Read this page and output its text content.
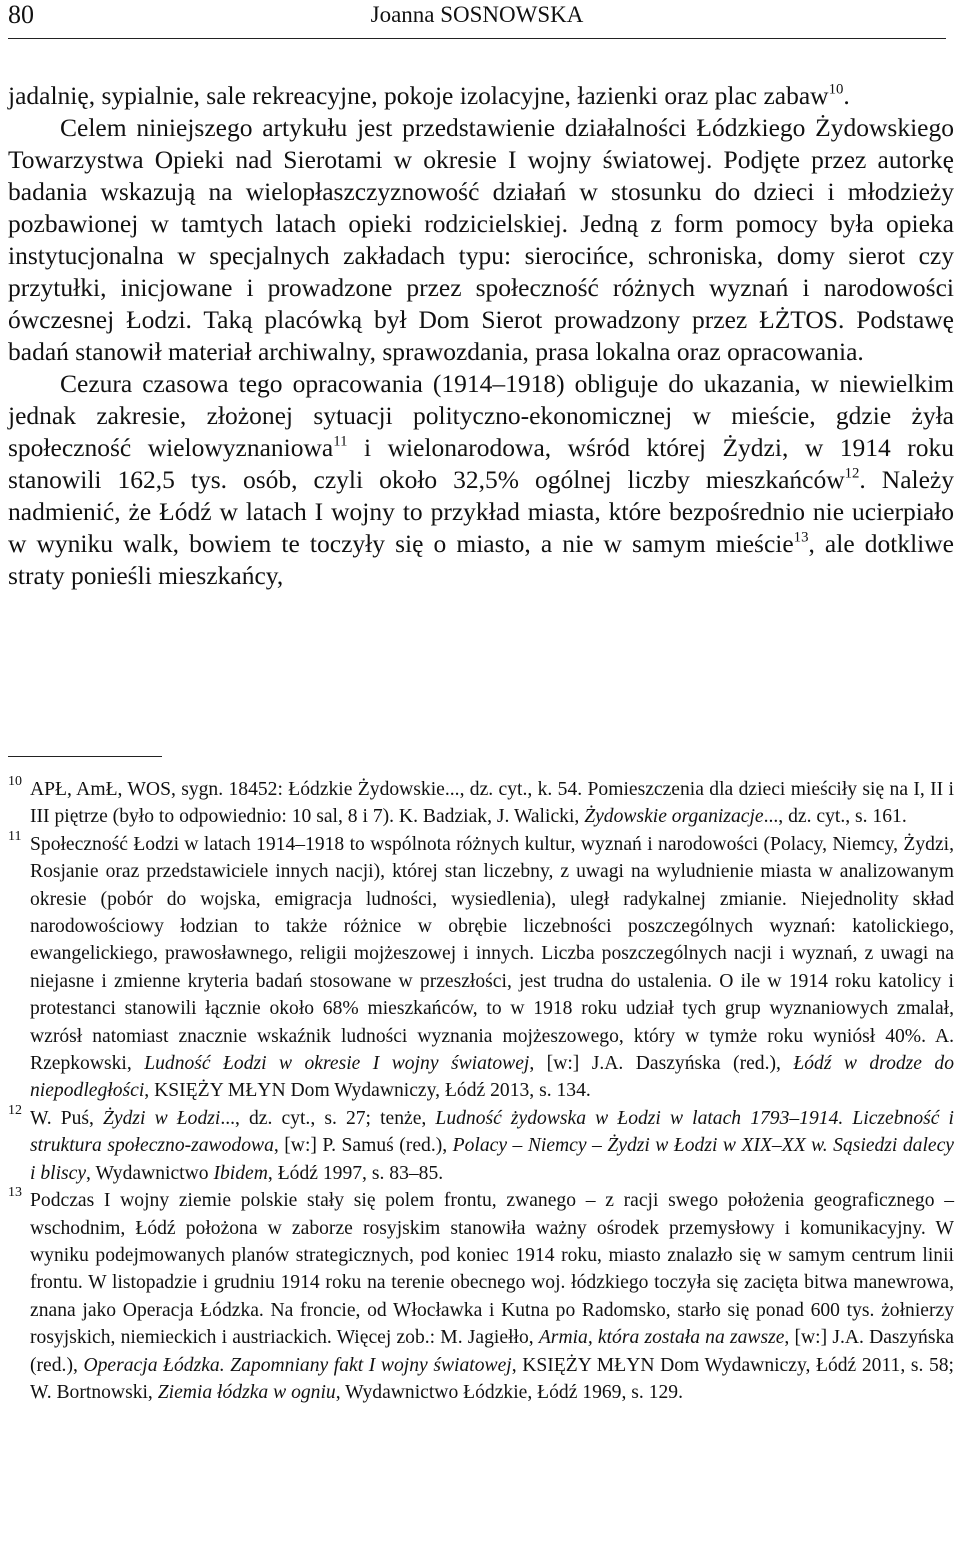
80	Joanna SOSNOWSKA

jadalnię, sypialnie, sale rekreacyjne, pokoje izolacyjne, łazienki oraz plac zabaw$^{10}$.

Celem niniejszego artykułu jest przedstawienie działalności Łódzkiego Żydowskiego Towarzystwa Opieki nad Sierotami w okresie I wojny światowej. Podjęte przez autorkę badania wskazują na wielopłaszczyznowość działań w stosunku do dzieci i młodzieży pozbawionej w tamtych latach opieki rodzicielskiej. Jedną z form pomocy była opieka instytucjonalna w specjalnych zakładach typu: sierocińce, schroniska, domy sierot czy przytułki, inicjowane i prowadzone przez społeczność różnych wyznań i narodowości ówczesnej Łodzi. Taką placówką był Dom Sierot prowadzony przez ŁŻTOS. Podstawę badań stanowił materiał archiwalny, sprawozdania, prasa lokalna oraz opracowania.

Cezura czasowa tego opracowania (1914–1918) obliguje do ukazania, w niewielkim jednak zakresie, złożonej sytuacji polityczno-ekonomicznej w mieście, gdzie żyła społeczność wielowyznaniowa$^{11}$ i wielonarodowa, wśród której Żydzi, w 1914 roku stanowili 162,5 tys. osób, czyli około 32,5% ogólnej liczby mieszkańców$^{12}$. Należy nadmienić, że Łódź w latach I wojny to przykład miasta, które bezpośrednio nie ucierpiało w wyniku walk, bowiem te toczyły się o miasto, a nie w samym mieście$^{13}$, ale dotkliwe straty ponieśli mieszkańcy,

10 APŁ, AmŁ, WOS, sygn. 18452: Łódzkie Żydowskie..., dz. cyt., k. 54. Pomieszczenia dla dzieci mieściły się na I, II i III piętrze (było to odpowiednio: 10 sal, 8 i 7). K. Badziak, J. Walicki, Żydowskie organizacje..., dz. cyt., s. 161.

11 Społeczność Łodzi w latach 1914–1918 to wspólnota różnych kultur, wyznań i narodowości (Polacy, Niemcy, Żydzi, Rosjanie oraz przedstawiciele innych nacji), której stan liczebny, z uwagi na wyludnienie miasta w analizowanym okresie (pobór do wojska, emigracja ludności, wysiedlenia), uległ radykalnej zmianie. Niejednolity skład narodowościowy łodzian to także różnice w obrębie liczebności poszczególnych wyznań: katolickiego, ewangelickiego, prawosławnego, religii mojżeszowej i innych. Liczba poszczególnych nacji i wyznań, z uwagi na niejasne i zmienne kryteria badań stosowane w przeszłości, jest trudna do ustalenia. O ile w 1914 roku katolicy i protestanci stanowili łącznie około 68% mieszkańców, to w 1918 roku udział tych grup wyznaniowych zmalał, wzrósł natomiast znacznie wskaźnik ludności wyznania mojżeszowego, który w tymże roku wyniósł 40%. A. Rzepkowski, Ludność Łodzi w okresie I wojny światowej, [w:] J.A. Daszyńska (red.), Łódź w drodze do niepodległości, KSIĘŻY MŁYN Dom Wydawniczy, Łódź 2013, s. 134.

12 W. Puś, Żydzi w Łodzi..., dz. cyt., s. 27; tenże, Ludność żydowska w Łodzi w latach 1793–1914. Liczebność i struktura społeczno-zawodowa, [w:] P. Samuś (red.), Polacy – Niemcy – Żydzi w Łodzi w XIX–XX w. Sąsiedzi dalecy i bliscy, Wydawnictwo Ibidem, Łódź 1997, s. 83–85.

13 Podczas I wojny ziemie polskie stały się polem frontu, zwanego – z racji swego położenia geograficznego – wschodnim, Łódź położona w zaborze rosyjskim stanowiła ważny ośrodek przemysłowy i komunikacyjny. W wyniku podejmowanych planów strategicznych, pod koniec 1914 roku, miasto znalazło się w samym centrum linii frontu. W listopadzie i grudniu 1914 roku na terenie obecnego woj. łódzkiego toczyła się zacięta bitwa manewrowa, znana jako Operacja Łódzka. Na froncie, od Włocławka i Kutna po Radomsko, starło się ponad 600 tys. żołnierzy rosyjskich, niemieckich i austriackich. Więcej zob.: M. Jagiełło, Armia, która została na zawsze, [w:] J.A. Daszyńska (red.), Operacja Łódzka. Zapomniany fakt I wojny światowej, KSIĘŻY MŁYN Dom Wydawniczy, Łódź 2011, s. 58; W. Bortnowski, Ziemia łódzka w ogniu, Wydawnictwo Łódzkie, Łódź 1969, s. 129.
